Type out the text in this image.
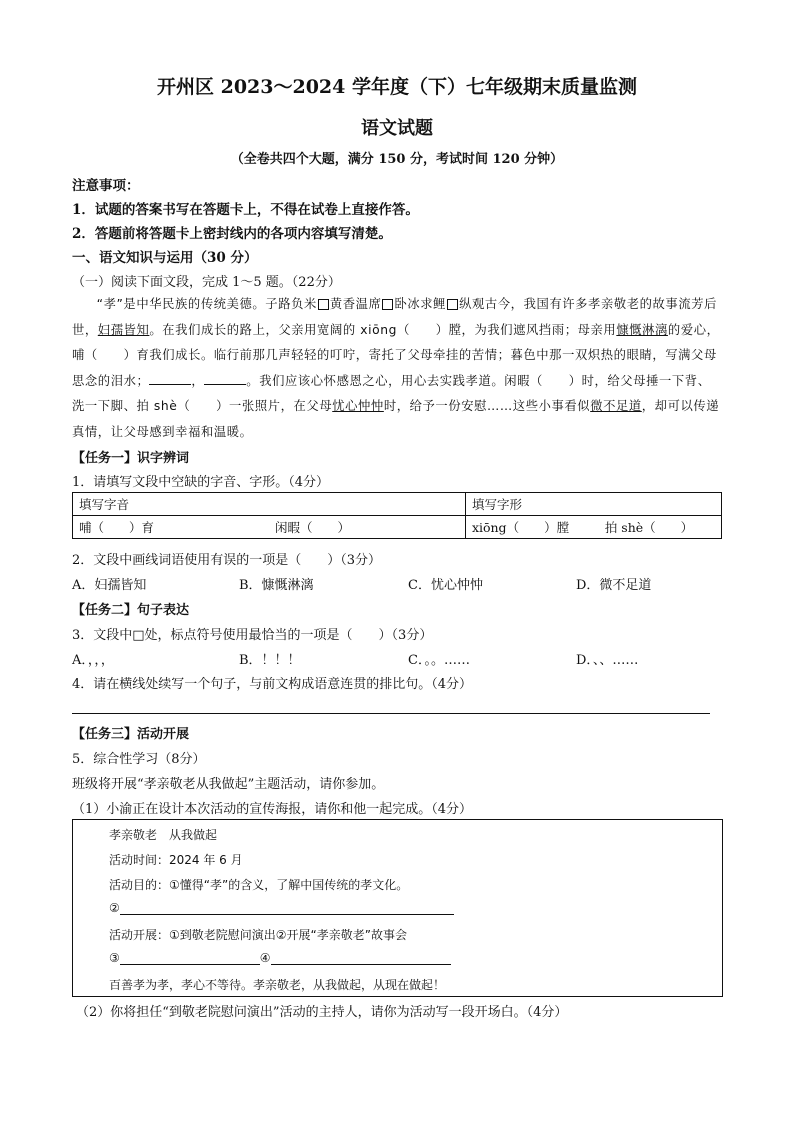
开州区 2023～2024 学年度（下）七年级期末质量监测
语文试题
（全卷共四个大题，满分 150 分，考试时间 120 分钟）
注意事项：
1．试题的答案书写在答题卡上，不得在试卷上直接作答。
2．答题前将答题卡上密封线内的各项内容填写清楚。
一、语文知识与运用（30 分）
（一）阅读下面文段，完成 1～5 题。（22分）
“孝”是中华民族的传统美德。子路负米 黄香温席 卧冰求鲤 纵观古今，我国有许多孝亲敬老的故事流芳后世，妇孺皆知。在我们成长的路上，父亲用宽阔的 xiōng（　　）膛，为我们遮风挡雨；母亲用慷慨淋漓的爱心，哺（　　）育我们成长。临行前那几声轻轻的叮咛，寄托了父母牵挂的苦情；暮色中那一双炽热的眼睛，写满父母思念的泪水；	，	。我们应该心怀感恩之心，用心去实践孝道。闲暇（　　）时，给父母捶一下背、洗一下脚、拍 shè（　　）一张照片，在父母忧心忡忡时，给予一份安慰……这些小事看似微不足道，却可以传递真情，让父母感到幸福和温暖。
【任务一】识字辨词
1．请填写文段中空缺的字音、字形。（4分）
填写字音		填写字形	
哺（　　）育	闲暇（　　）	xiōng（　　）膛	拍 shè（　　）
2．文段中画线词语使用有误的一项是（　　）（3分）
A．妇孺皆知	B．慷慨淋漓	C．忧心忡忡	D．微不足道
【任务二】句子表达
3．文段中□处，标点符号使用最恰当的一项是（　　）（3分）
A．，，，	B．！！！	C．。。……	D．、、……
4．请在横线处续写一个句子，与前文构成语意连贯的排比句。（4分）
【任务三】活动开展
5．综合性学习（8分）
班级将开展“孝亲敬老从我做起”主题活动，请你参加。
（1）小渝正在设计本次活动的宣传海报，请你和他一起完成。（4分）
孝亲敬老　从我做起
活动时间：2024 年 6 月
活动目的：①懂得“孝”的含义，了解中国传统的孝文化。
②
活动开展：①到敬老院慰问演出②开展“孝亲敬老”故事会
③	④
百善孝为孝，孝心不等待。孝亲敬老，从我做起，从现在做起！
（2）你将担任“到敬老院慰问演出”活动的主持人，请你为活动写一段开场白。（4分）
